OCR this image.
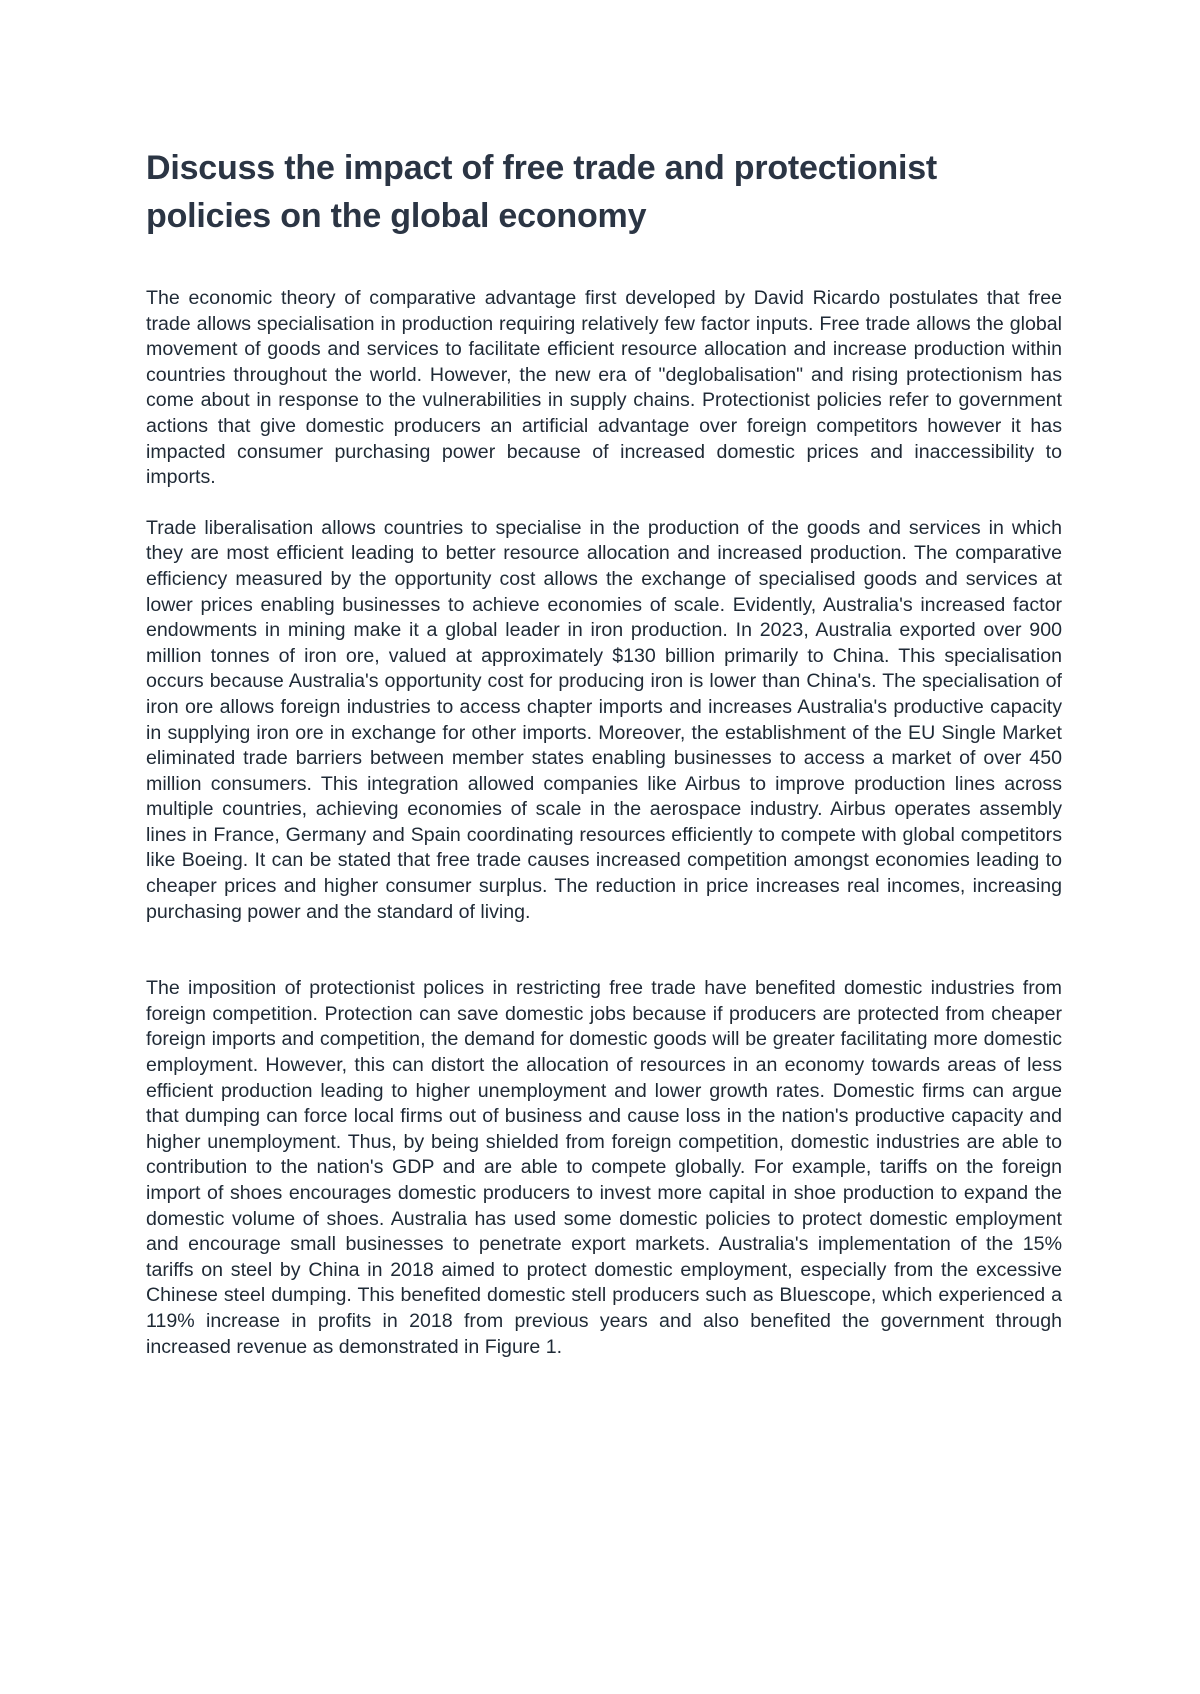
Discuss the impact of free trade and protectionist policies on the global economy

The economic theory of comparative advantage first developed by David Ricardo postulates that free trade allows specialisation in production requiring relatively few factor inputs. Free trade allows the global movement of goods and services to facilitate efficient resource allocation and increase production within countries throughout the world. However, the new era of "deglobalisation" and rising protectionism has come about in response to the vulnerabilities in supply chains. Protectionist policies refer to government actions that give domestic producers an artificial advantage over foreign competitors however it has impacted consumer purchasing power because of increased domestic prices and inaccessibility to imports.

Trade liberalisation allows countries to specialise in the production of the goods and services in which they are most efficient leading to better resource allocation and increased production. The comparative efficiency measured by the opportunity cost allows the exchange of specialised goods and services at lower prices enabling businesses to achieve economies of scale. Evidently, Australia's increased factor endowments in mining make it a global leader in iron production. In 2023, Australia exported over 900 million tonnes of iron ore, valued at approximately $130 billion primarily to China. This specialisation occurs because Australia's opportunity cost for producing iron is lower than China's. The specialisation of iron ore allows foreign industries to access chapter imports and increases Australia's productive capacity in supplying iron ore in exchange for other imports. Moreover, the establishment of the EU Single Market eliminated trade barriers between member states enabling businesses to access a market of over 450 million consumers. This integration allowed companies like Airbus to improve production lines across multiple countries, achieving economies of scale in the aerospace industry. Airbus operates assembly lines in France, Germany and Spain coordinating resources efficiently to compete with global competitors like Boeing. It can be stated that free trade causes increased competition amongst economies leading to cheaper prices and higher consumer surplus. The reduction in price increases real incomes, increasing purchasing power and the standard of living.

The imposition of protectionist polices in restricting free trade have benefited domestic industries from foreign competition. Protection can save domestic jobs because if producers are protected from cheaper foreign imports and competition, the demand for domestic goods will be greater facilitating more domestic employment. However, this can distort the allocation of resources in an economy towards areas of less efficient production leading to higher unemployment and lower growth rates. Domestic firms can argue that dumping can force local firms out of business and cause loss in the nation's productive capacity and higher unemployment. Thus, by being shielded from foreign competition, domestic industries are able to contribution to the nation's GDP and are able to compete globally. For example, tariffs on the foreign import of shoes encourages domestic producers to invest more capital in shoe production to expand the domestic volume of shoes. Australia has used some domestic policies to protect domestic employment and encourage small businesses to penetrate export markets. Australia's implementation of the 15% tariffs on steel by China in 2018 aimed to protect domestic employment, especially from the excessive Chinese steel dumping. This benefited domestic stell producers such as Bluescope, which experienced a 119% increase in profits in 2018 from previous years and also benefited the government through increased revenue as demonstrated in Figure 1.
